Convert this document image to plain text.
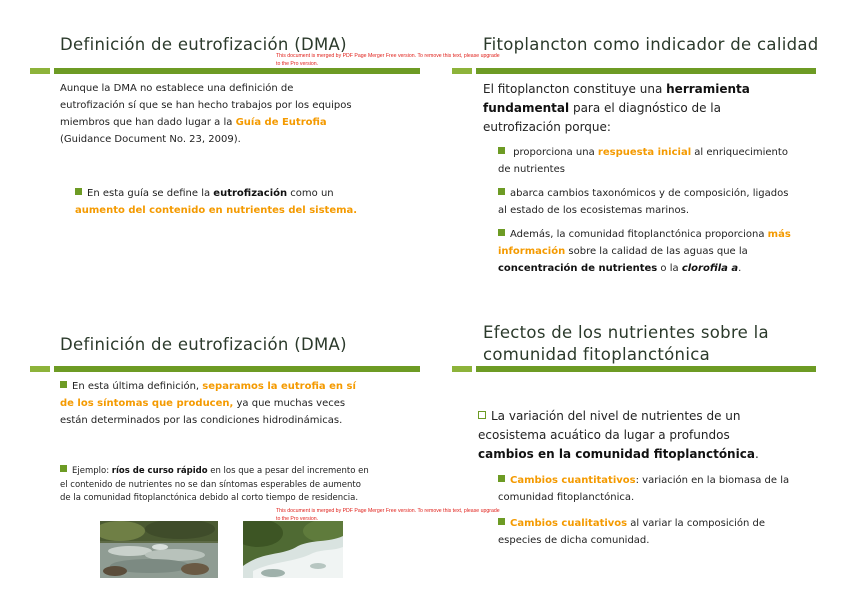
Definición de eutrofización (DMA)
Aunque la DMA no establece una definición de eutrofización sí que se han hecho trabajos por los equipos miembros que han dado lugar a la Guía de Eutrofia (Guidance Document No. 23, 2009).
En esta guía se define la eutrofización como un aumento del contenido en nutrientes del sistema.
Fitoplancton como indicador de calidad
El fitoplancton constituye una herramienta fundamental para el diagnóstico de la eutrofización porque:
proporciona una respuesta inicial al enriquecimiento de nutrientes
abarca cambios taxonómicos y de composición, ligados al estado de los ecosistemas marinos.
Además, la comunidad fitoplanctónica proporciona más información sobre la calidad de las aguas que la concentración de nutrientes o la clorofila a.
Definición de eutrofización (DMA)
En esta última definición, separamos la eutrofia en sí de los síntomas que producen, ya que muchas veces están determinados por las condiciones hidrodinámicas.
Ejemplo: ríos de curso rápido en los que a pesar del incremento en el contenido de nutrientes no se dan síntomas esperables de aumento de la comunidad fitoplanctónica debido al corto tiempo de residencia.
Efectos de los nutrientes sobre la comunidad fitoplanctónica
La variación del nivel de nutrientes de un ecosistema acuático da lugar a profundos cambios en la comunidad fitoplanctónica.
Cambios cuantitativos: variación en la biomasa de la comunidad fitoplanctónica.
Cambios cualitativos al variar la composición de especies de dicha comunidad.
This document is merged by PDF Page Merger Free version. To remove this text, please upgrade
to the Pro version.
This document is merged by PDF Page Merger Free version. To remove this text, please upgrade
to the Pro version.
